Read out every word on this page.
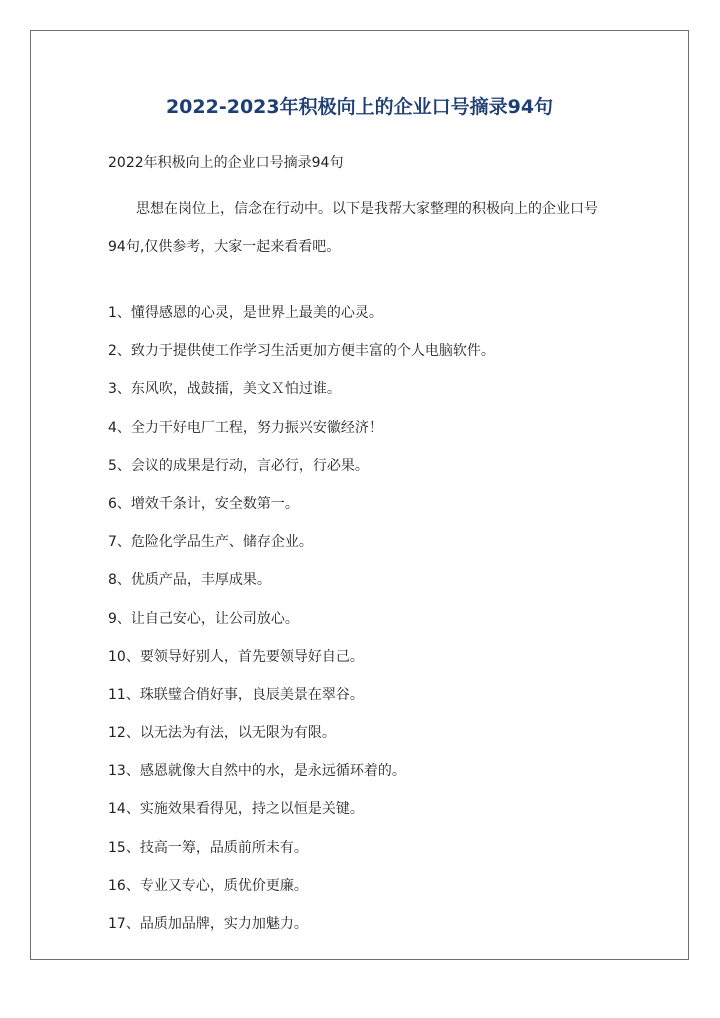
2022-2023年积极向上的企业口号摘录94句

2022年积极向上的企业口号摘录94句

思想在岗位上，信念在行动中。以下是我帮大家整理的积极向上的企业口号
94句,仅供参考，大家一起来看看吧。
1、懂得感恩的心灵，是世界上最美的心灵。
2、致力于提供使工作学习生活更加方便丰富的个人电脑软件。
3、东风吹，战鼓擂，美文Ｘ怕过谁。
4、全力干好电厂工程，努力振兴安徽经济！
5、会议的成果是行动，言必行，行必果。
6、增效千条计，安全数第一。
7、危险化学品生产、储存企业。
8、优质产品，丰厚成果。
9、让自己安心，让公司放心。
10、要领导好别人，首先要领导好自己。
11、珠联璧合俏好事，良辰美景在翠谷。
12、以无法为有法，以无限为有限。
13、感恩就像大自然中的水，是永远循环着的。
14、实施效果看得见，持之以恒是关键。
15、技高一筹，品质前所未有。
16、专业又专心，质优价更廉。
17、品质加品牌，实力加魅力。
